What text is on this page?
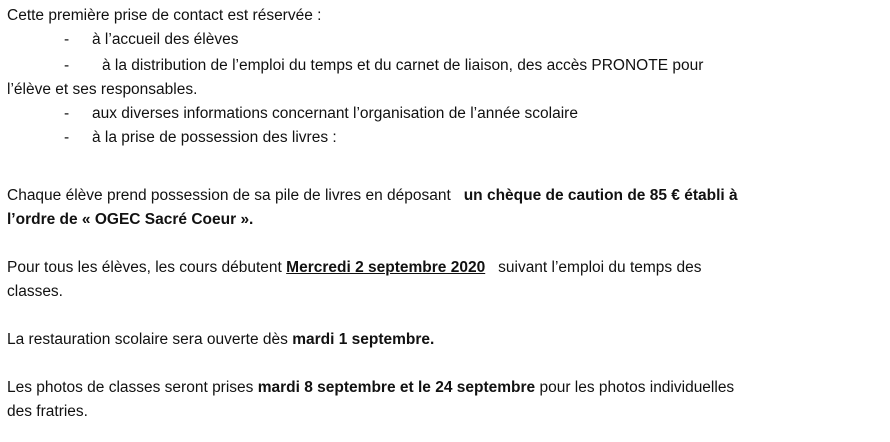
Cette première prise de contact est réservée :
- à l’accueil des élèves
- à la distribution de l’emploi du temps et du carnet de liaison, des accès PRONOTE pour
l’élève et ses responsables.
- aux diverses informations concernant l’organisation de l’année scolaire
- à la prise de possession des livres :
Chaque élève prend possession de sa pile de livres en déposant un chèque de caution de 85 € établi à
l’ordre de « OGEC Sacré Coeur ».
Pour tous les élèves, les cours débutent Mercredi 2 septembre 2020 suivant l’emploi du temps des
classes.
La restauration scolaire sera ouverte dès mardi 1 septembre.
Les photos de classes seront prises mardi 8 septembre et le 24 septembre pour les photos individuelles
des fratries.
